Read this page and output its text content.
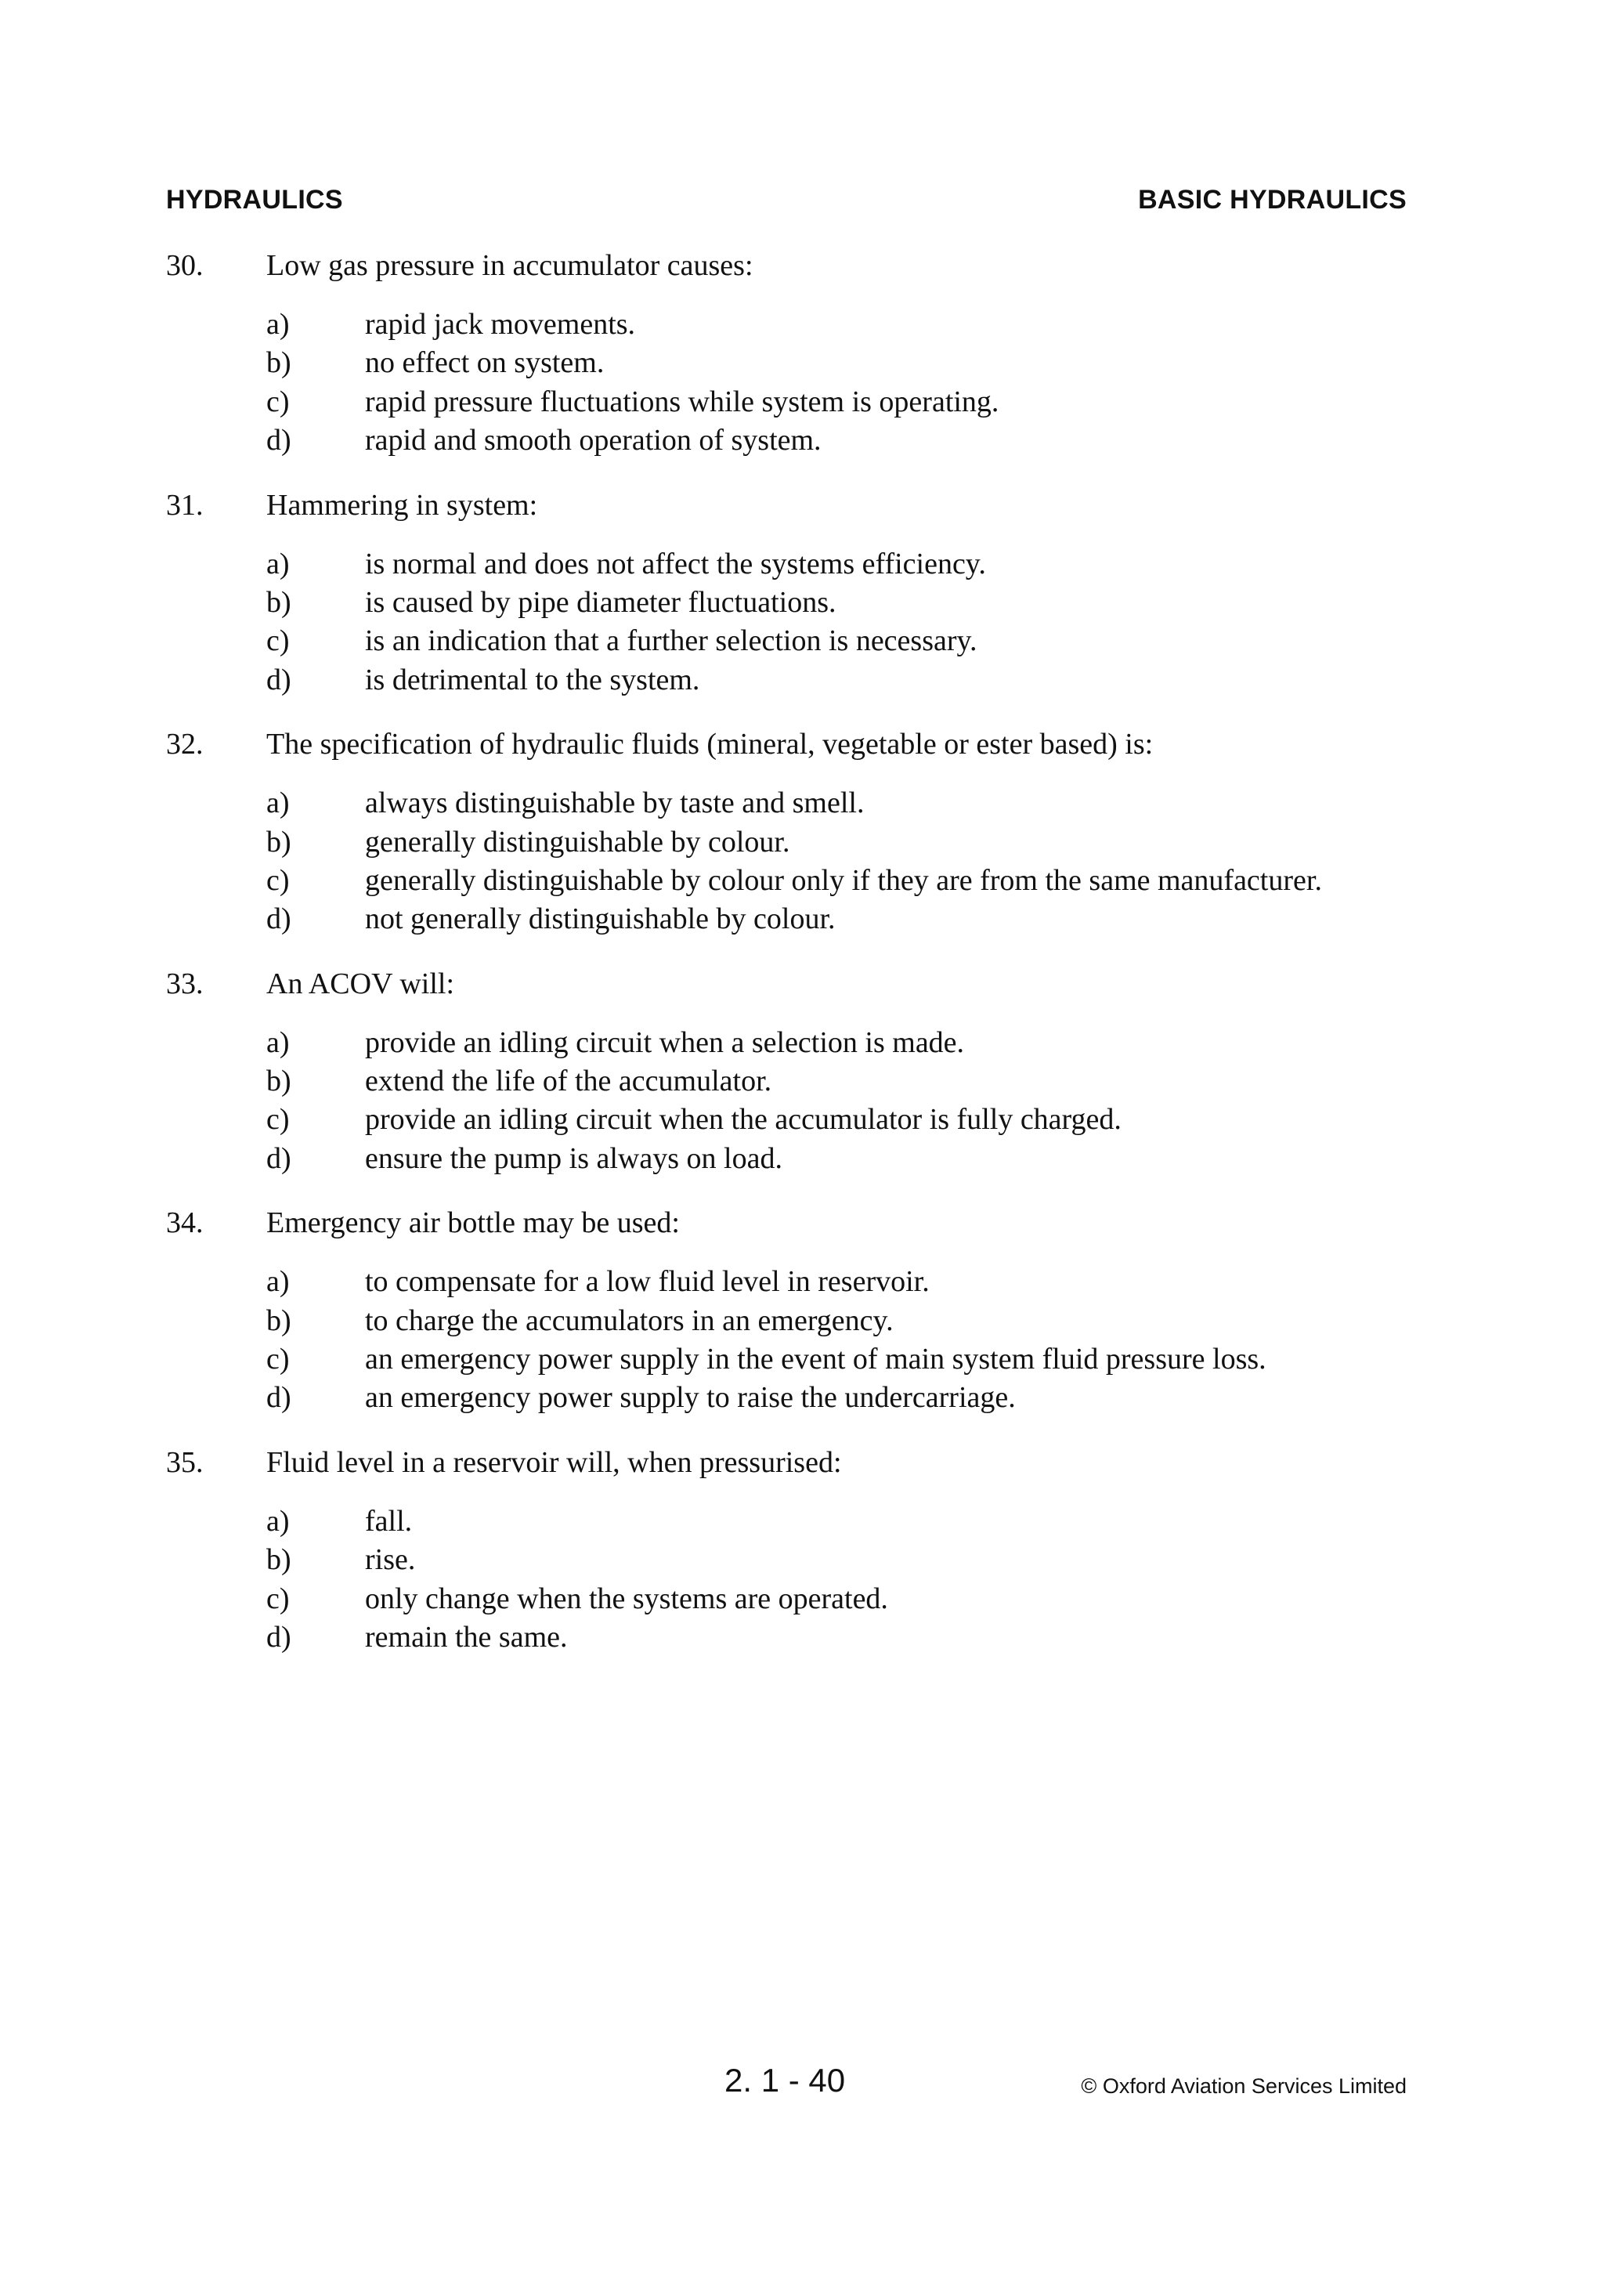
HYDRAULICS	BASIC HYDRAULICS
30.	Low gas pressure in accumulator causes:
a)	rapid jack movements.
b)	no effect on system.
c)	rapid pressure fluctuations while system is operating.
d)	rapid and smooth operation of system.
31.	Hammering in system:
a)	is normal and does not affect the systems efficiency.
b)	is caused by pipe diameter fluctuations.
c)	is an indication that a further selection is necessary.
d)	is detrimental to the system.
32.	The specification of hydraulic fluids (mineral, vegetable or ester based) is:
a)	always distinguishable by taste and smell.
b)	generally distinguishable by colour.
c)	generally distinguishable by colour only if they are from the same manufacturer.
d)	not generally distinguishable by colour.
33.	An ACOV will:
a)	provide an idling circuit when a selection is made.
b)	extend the life of the accumulator.
c)	provide an idling circuit when the accumulator is fully charged.
d)	ensure the pump is always on load.
34.	Emergency air bottle may be used:
a)	to compensate for a low fluid level in reservoir.
b)	to charge the accumulators in an emergency.
c)	an emergency power supply in the event of main system fluid pressure loss.
d)	an emergency power supply to raise the undercarriage.
35.	Fluid level in a reservoir will, when pressurised:
a)	fall.
b)	rise.
c)	only change when the systems are operated.
d)	remain the same.
2. 1 - 40	© Oxford Aviation Services Limited
